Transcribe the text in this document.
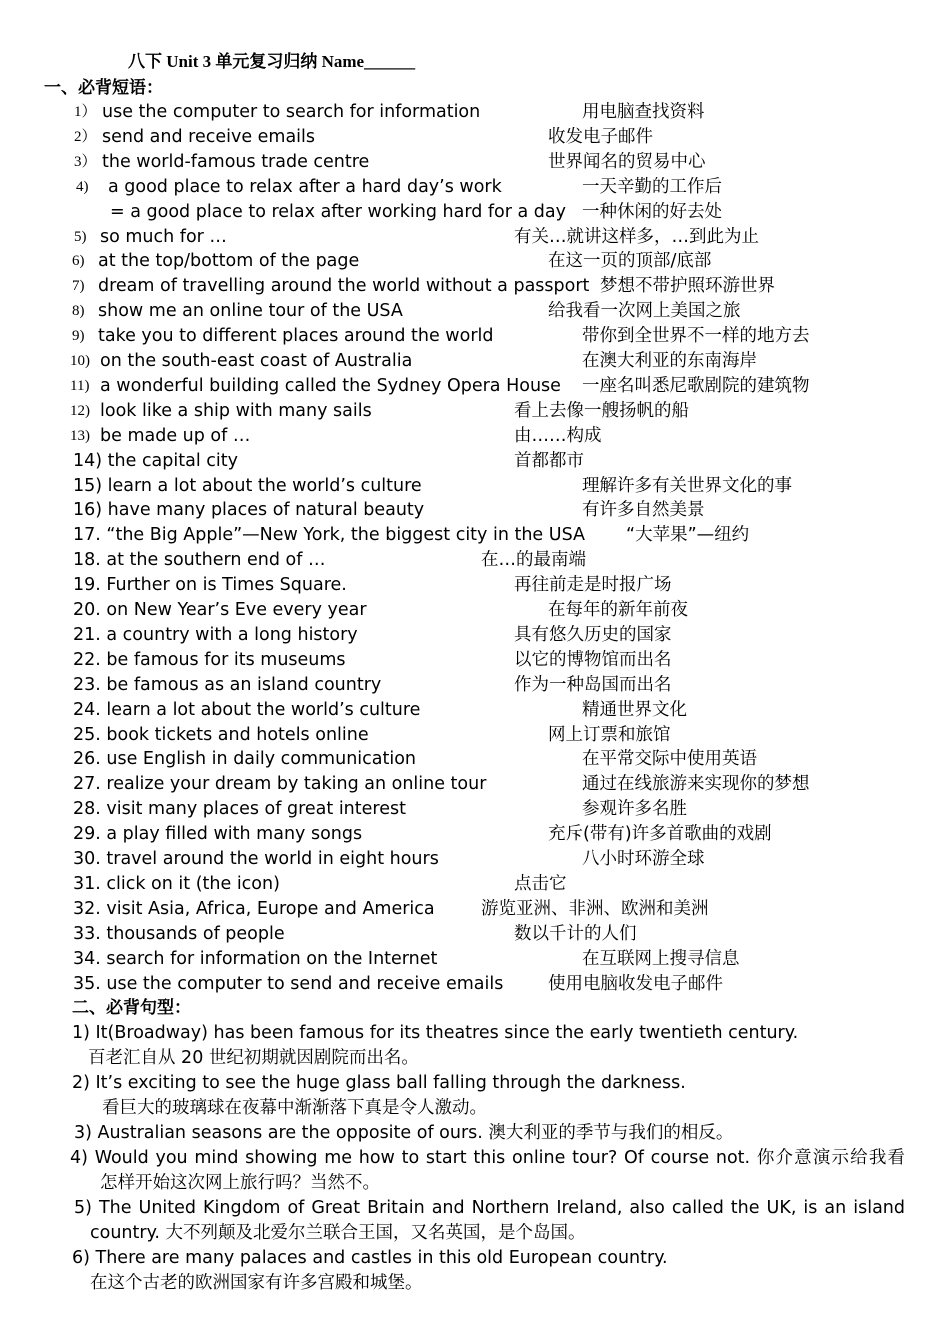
八下 Unit 3 单元复习归纳 Name______
一、必背短语：
1） use the computer to search for information	用电脑查找资料
2） send and receive emails	收发电子邮件
3） the world-famous trade centre	世界闻名的贸易中心
4) a good place to relax after a hard day’s work	一天辛勤的工作后
= a good place to relax after working hard for a day 一种休闲的好去处
5) so much for …	有关…就讲这样多，…到此为止
6) at the top/bottom of the page	在这一页的顶部/底部
7) dream of travelling around the world without a passport 梦想不带护照环游世界
8) show me an online tour of the USA	给我看一次网上美国之旅
9) take you to different places around the world	带你到全世界不一样的地方去
10) on the south-east coast of Australia	在澳大利亚的东南海岸
11) a wonderful building called the Sydney Opera House 一座名叫悉尼歌剧院的建筑物
12) look like a ship with many sails	看上去像一艘扬帆的船
13) be made up of …	由……构成
14) the capital city	首都都市
15) learn a lot about the world’s culture	理解许多有关世界文化的事
16) have many places of natural beauty	有许多自然美景
17. “the Big Apple”—New York, the biggest city in the USA “大苹果”—纽约
18. at the southern end of …	在…的最南端
19. Further on is Times Square.	再往前走是时报广场
20. on New Year’s Eve every year	在每年的新年前夜
21. a country with a long history	具有悠久历史的国家
22. be famous for its museums	以它的博物馆而出名
23. be famous as an island country	作为一种岛国而出名
24. learn a lot about the world’s culture	精通世界文化
25. book tickets and hotels online	网上订票和旅馆
26. use English in daily communication	在平常交际中使用英语
27. realize your dream by taking an online tour	通过在线旅游来实现你的梦想
28. visit many places of great interest	参观许多名胜
29. a play filled with many songs	充斥(带有)许多首歌曲的戏剧
30. travel around the world in eight hours	八小时环游全球
31. click on it (the icon)	点击它
32. visit Asia, Africa, Europe and America	游览亚洲、非洲、欧洲和美洲
33. thousands of people	数以千计的人们
34. search for information on the Internet	在互联网上搜寻信息
35. use the computer to send and receive emails	使用电脑收发电子邮件
二、必背句型：
1) It(Broadway) has been famous for its theatres since the early twentieth century.
百老汇自从 20 世纪初期就因剧院而出名。
2) It’s exciting to see the huge glass ball falling through the darkness.
看巨大的玻璃球在夜幕中渐渐落下真是令人激动。
3) Australian seasons are the opposite of ours. 澳大利亚的季节与我们的相反。
4) Would you mind showing me how to start this online tour? Of course not. 你介意演示给我看
怎样开始这次网上旅行吗？当然不。
5) The United Kingdom of Great Britain and Northern Ireland, also called the UK, is an island
country. 大不列颠及北爱尔兰联合王国，又名英国，是个岛国。
6) There are many palaces and castles in this old European country.
在这个古老的欧洲国家有许多宫殿和城堡。
